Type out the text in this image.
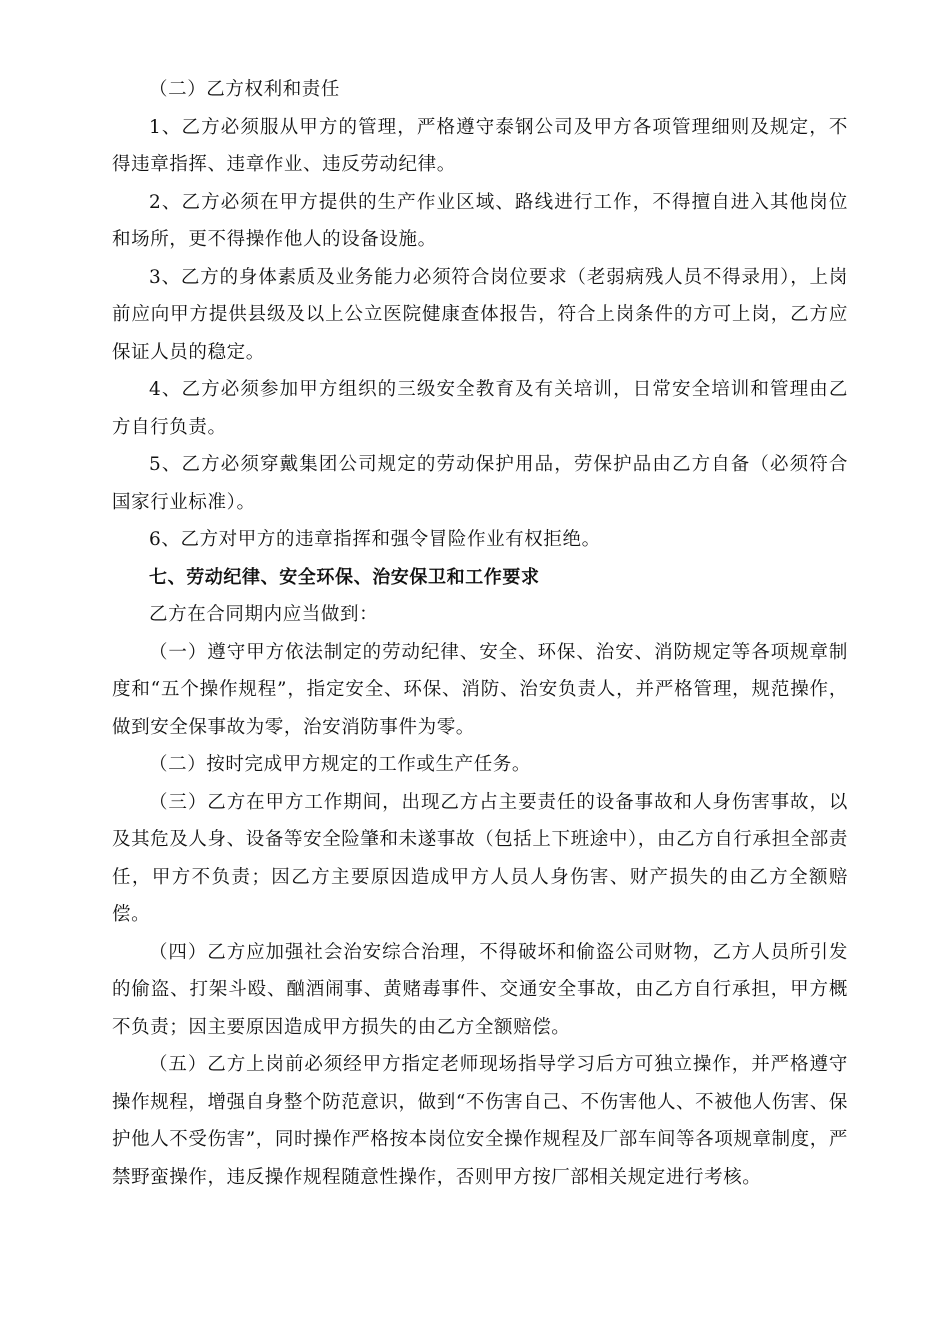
（二）乙方权利和责任

1、乙方必须服从甲方的管理，严格遵守泰钢公司及甲方各项管理细则及规定，不得违章指挥、违章作业、违反劳动纪律。

2、乙方必须在甲方提供的生产作业区域、路线进行工作，不得擅自进入其他岗位和场所，更不得操作他人的设备设施。

3、乙方的身体素质及业务能力必须符合岗位要求（老弱病残人员不得录用），上岗前应向甲方提供县级及以上公立医院健康查体报告，符合上岗条件的方可上岗，乙方应保证人员的稳定。

4、乙方必须参加甲方组织的三级安全教育及有关培训，日常安全培训和管理由乙方自行负责。

5、乙方必须穿戴集团公司规定的劳动保护用品，劳保护品由乙方自备（必须符合国家行业标准）。

6、乙方对甲方的违章指挥和强令冒险作业有权拒绝。

七、劳动纪律、安全环保、治安保卫和工作要求

乙方在合同期内应当做到：

（一）遵守甲方依法制定的劳动纪律、安全、环保、治安、消防规定等各项规章制度和“五个操作规程”，指定安全、环保、消防、治安负责人，并严格管理，规范操作，做到安全保事故为零，治安消防事件为零。

（二）按时完成甲方规定的工作或生产任务。

（三）乙方在甲方工作期间，出现乙方占主要责任的设备事故和人身伤害事故，以及其危及人身、设备等安全险肇和未遂事故（包括上下班途中），由乙方自行承担全部责任，甲方不负责；因乙方主要原因造成甲方人员人身伤害、财产损失的由乙方全额赔偿。

（四）乙方应加强社会治安综合治理，不得破坏和偷盗公司财物，乙方人员所引发的偷盗、打架斗殴、酗酒闹事、黄赌毒事件、交通安全事故，由乙方自行承担，甲方概不负责；因主要原因造成甲方损失的由乙方全额赔偿。

（五）乙方上岗前必须经甲方指定老师现场指导学习后方可独立操作，并严格遵守操作规程，增强自身整个防范意识，做到“不伤害自己、不伤害他人、不被他人伤害、保护他人不受伤害”，同时操作严格按本岗位安全操作规程及厂部车间等各项规章制度，严禁野蛮操作，违反操作规程随意性操作，否则甲方按厂部相关规定进行考核。
